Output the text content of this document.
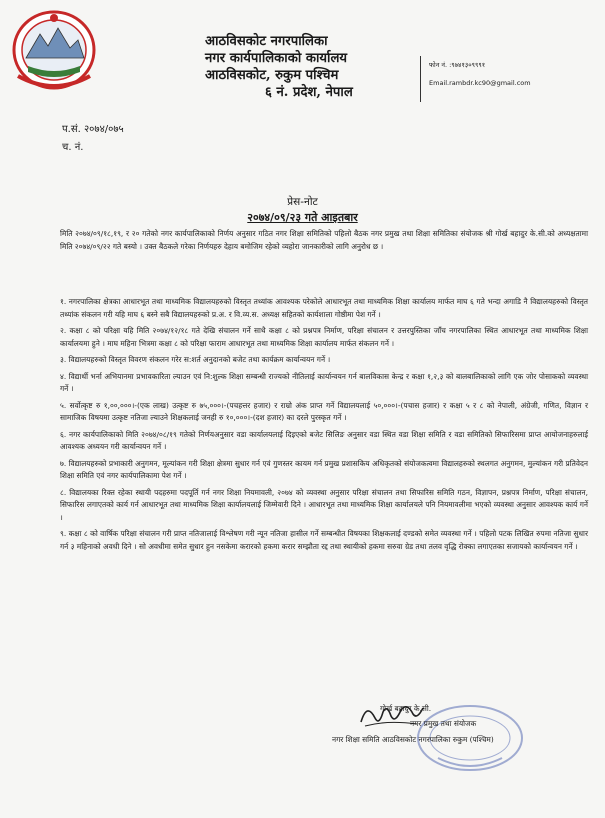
आठविसकोट नगरपालिका
नगर कार्यपालिकाको कार्यालय
आठविसकोट, रुकुम पश्चिम
६ नं. प्रदेश, नेपाल
फोन नं. :९७४१३०९९९१
Email.rambdr.kc90@gmail.com
प.सं. २०७४/०७५
च. नं.
प्रेस-नोट
२०७४/०९/२३ गते आइतबार

मिति २०७४/०९/१८,१९, र २० गतेको नगर कार्यपालिकाको निर्णय अनुसार गठित नगर शिक्षा समितिको पहिलो बैठक नगर प्रमुख तथा शिक्षा समितिका संयोजक श्री गोर्ख बहादुर के.सी.को अध्यक्षतामा मिति २०७४/०९/२२ गते बस्यो । उक्त बैठकले गरेका निर्णयहरु देहाय बमोजिम रहेको व्यहोरा जानकारीको लागि अनुरोध छ ।

१. नगरपालिका क्षेत्रका आधारभूत तथा माध्यमिक विद्यालयहरुको विस्तृत तथ्यांक आवश्यक परेकोले आधारभूत तथा माध्यमिक शिक्षा कार्यालय मार्फत माघ ६ गते भन्दा अगाडि नै विद्यालयहरुको विस्तृत तथ्यांक संकलन गरी यहि माघ ६ बस्ने सबै विद्यालयहरुको प्र.अ. र वि.व्य.स. अध्यक्ष सहितको कार्यशाला गोष्ठीमा पेश गर्ने ।

२. कक्षा ८ को परिक्षा यहि मिति २०७४/१२/१८ गते देखि संचालन गर्ने साथै कक्षा ८ को प्रश्नपत्र निर्माण, परिक्षा संचालन र उत्तरपुस्तिका जाँच नगरपालिका स्थित आधारभूत तथा माध्यमिक शिक्षा कार्यालयमा हुने । माघ महिना भित्रमा कक्षा ८ को परिक्षा फाराम आधारभूत तथा माध्यमिक शिक्षा कार्यालय मार्फत संकलन गर्ने ।

३. विद्यालयहरुको विस्तृत विवरण संकलन गरेर स:शर्त अनुदानको बजेट तथा कार्यक्रम कार्यान्वयन गर्ने ।

४. विद्यार्थी भर्ना अभियानमा प्रभावकारिता ल्याउन एवं नि:शुल्क शिक्षा सम्बन्धी राज्यको नीतिलाई कार्यान्वयन गर्न बालविकास केन्द्र र कक्षा १,२,३ को बालबालिकाको लागि एक जोर पोसाकको व्यवस्था गर्ने ।

५. सर्वोत्कृष्ट रु १,००,०००।-(एक लाख) उत्कृष्ट रु ७५,०००।-(पचहत्तर हजार) र राम्रो अंक प्राप्त गर्ने विद्यालयलाई ५०,०००।-(पचास हजार) र कक्षा ५ र ८ को नेपाली, अंग्रेजी, गणित, विज्ञान र सामाजिक विषयमा उत्कृष्ट नतिजा ल्याउने शिक्षकलाई जनही रु १०,०००।-(दश हजार) का दरले पुरस्कृत गर्ने ।

६. नगर कार्यपालिकाको मिति २०७४/०८/१९ गतेको निर्णयअनुसार वडा कार्यालयलाई दिइएको बजेट सिलिङ अनुसार वडा स्थित वडा शिक्षा समिति र वडा समितिको सिफारिसमा प्राप्त आयोजनाहरुलाई आवश्यक अध्ययन गरी कार्यान्वयन गर्ने ।

७. विद्यालयहरुको प्रभाकारी अनुगमन, मूल्यांकन गरी शिक्षा क्षेत्रमा सुधार गर्न एवं गुणस्तर कायम गर्न प्रमुख प्रशासकिय अधिकृतको संयोजकत्वमा विद्यालहरुको स्थलगत अनुगमन, मुल्यांकन गरी प्रतिवेदन शिक्षा समिति एवं नगर कार्यपालिकामा पेश गर्ने ।

८. विद्यालयका रिक्त रहेका स्थायी पदहरुमा पदपूर्ति गर्न नगर शिक्षा नियमावली, २०७४ को व्यवस्था अनुसार परिक्षा संचालन तथा सिफारिस समिति गठन, विज्ञापन, प्रश्नपत्र निर्माण, परिक्षा संचालन, सिफारिस लगाएतको कार्य गर्न आधारभूत तथा माध्यमिक शिक्षा कार्यालयलाई जिम्मेवारी दिने । आधारभूत तथा माध्यमिक शिक्षा कार्यालयले पनि नियमावलीमा भएको व्यवस्था अनुसार आवश्यक कार्य गर्ने ।

९. कक्षा ८ को वार्षिक परिक्षा संचालन गरी प्राप्त नतिजालाई विश्लेषण गरी न्यून नतिजा हासील गर्ने सम्बन्धीत विषयका शिक्षकलाई दण्डको समेत व्यवस्था गर्ने । पहिलो पटक लिखित रुपमा नतिजा सुधार गर्न ३ महिनाको अवधी दिने । सो अवधीमा समेत सुधार हुन नसकेमा करारको हकमा करार सम्झौता रद्द तथा स्थायीको हकमा सरुवा ग्रेड तथा तलव वृद्धि रोक्का लगाएतका सजायको कार्यान्वयन गर्ने ।

गोर्ख बहादुर के.सी.
नगर प्रमुख तथा संयोजक
नगर शिक्षा समिति आठविसकोट नगरपालिका रुकुम (पश्चिम)
